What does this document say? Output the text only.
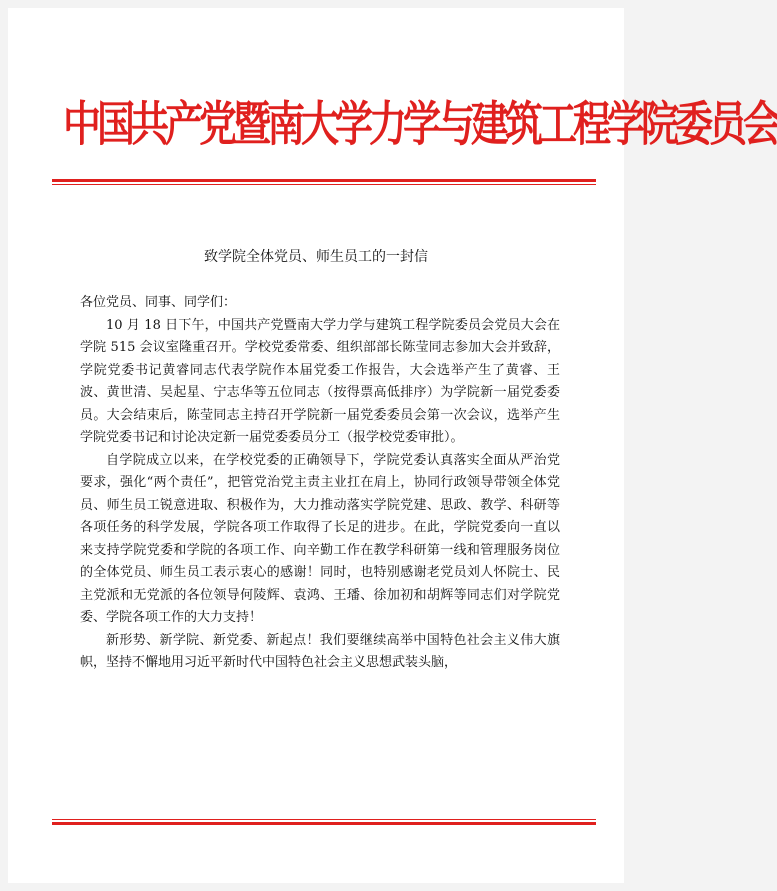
中国共产党暨南大学力学与建筑工程学院委员会
致学院全体党员、师生员工的一封信

各位党员、同事、同学们：

10 月 18 日下午，中国共产党暨南大学力学与建筑工程学院委员会党员大会在学院 515 会议室隆重召开。学校党委常委、组织部部长陈莹同志参加大会并致辞，学院党委书记黄睿同志代表学院作本届党委工作报告，大会选举产生了黄睿、王波、黄世清、吴起星、宁志华等五位同志（按得票高低排序）为学院新一届党委委员。大会结束后，陈莹同志主持召开学院新一届党委委员会第一次会议，选举产生学院党委书记和讨论决定新一届党委委员分工（报学校党委审批）。

自学院成立以来，在学校党委的正确领导下，学院党委认真落实全面从严治党要求，强化“两个责任”，把管党治党主责主业扛在肩上，协同行政领导带领全体党员、师生员工锐意进取、积极作为，大力推动落实学院党建、思政、教学、科研等各项任务的科学发展，学院各项工作取得了长足的进步。在此，学院党委向一直以来支持学院党委和学院的各项工作、向辛勤工作在教学科研第一线和管理服务岗位的全体党员、师生员工表示衷心的感谢！同时，也特别感谢老党员刘人怀院士、民主党派和无党派的各位领导何陵辉、袁鸿、王璠、徐加初和胡辉等同志们对学院党委、学院各项工作的大力支持！

新形势、新学院、新党委、新起点！我们要继续高举中国特色社会主义伟大旗帜，坚持不懈地用习近平新时代中国特色社会主义思想武装头脑，
